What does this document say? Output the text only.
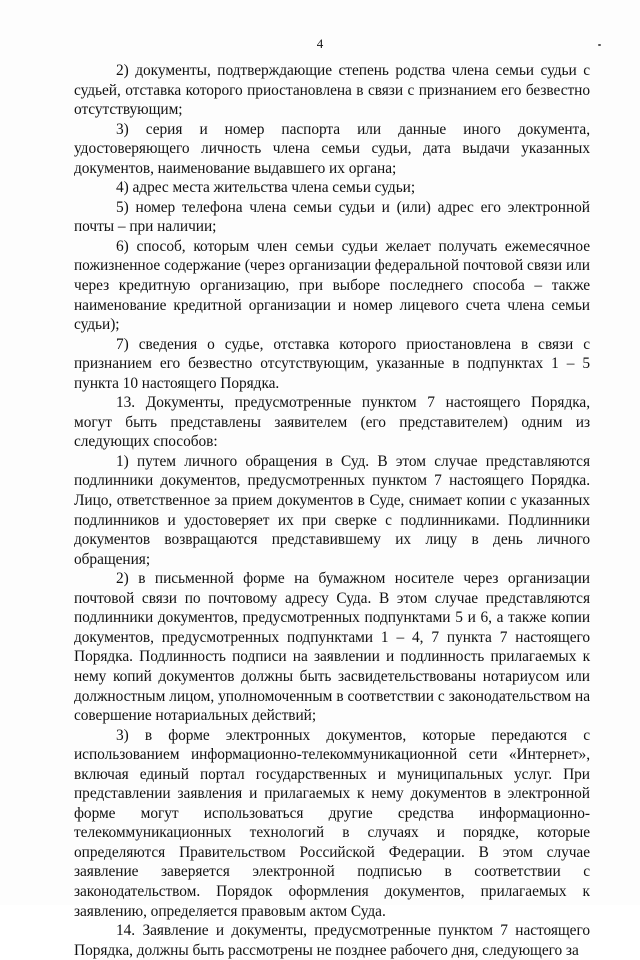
4

2) документы, подтверждающие степень родства члена семьи судьи с судьей, отставка которого приостановлена в связи с признанием его безвестно отсутствующим;

3) серия и номер паспорта или данные иного документа, удостоверяющего личность члена семьи судьи, дата выдачи указанных документов, наименование выдавшего их органа;

4) адрес места жительства члена семьи судьи;

5) номер телефона члена семьи судьи и (или) адрес его электронной почты – при наличии;

6) способ, которым член семьи судьи желает получать ежемесячное пожизненное содержание (через организации федеральной почтовой связи или через кредитную организацию, при выборе последнего способа – также наименование кредитной организации и номер лицевого счета члена семьи судьи);

7) сведения о судье, отставка которого приостановлена в связи с признанием его безвестно отсутствующим, указанные в подпунктах 1 – 5 пункта 10 настоящего Порядка.

13. Документы, предусмотренные пунктом 7 настоящего Порядка, могут быть представлены заявителем (его представителем) одним из следующих способов:

1) путем личного обращения в Суд. В этом случае представляются подлинники документов, предусмотренных пунктом 7 настоящего Порядка. Лицо, ответственное за прием документов в Суде, снимает копии с указанных подлинников и удостоверяет их при сверке с подлинниками. Подлинники документов возвращаются представившему их лицу в день личного обращения;

2) в письменной форме на бумажном носителе через организации почтовой связи по почтовому адресу Суда. В этом случае представляются подлинники документов, предусмотренных подпунктами 5 и 6, а также копии документов, предусмотренных подпунктами 1 – 4, 7 пункта 7 настоящего Порядка. Подлинность подписи на заявлении и подлинность прилагаемых к нему копий документов должны быть засвидетельствованы нотариусом или должностным лицом, уполномоченным в соответствии с законодательством на совершение нотариальных действий;

3) в форме электронных документов, которые передаются с использованием информационно-телекоммуникационной сети «Интернет», включая единый портал государственных и муниципальных услуг. При представлении заявления и прилагаемых к нему документов в электронной форме могут использоваться другие средства информационно-телекоммуникационных технологий в случаях и порядке, которые определяются Правительством Российской Федерации. В этом случае заявление заверяется электронной подписью в соответствии с законодательством. Порядок оформления документов, прилагаемых к заявлению, определяется правовым актом Суда.

14. Заявление и документы, предусмотренные пунктом 7 настоящего Порядка, должны быть рассмотрены не позднее рабочего дня, следующего за
